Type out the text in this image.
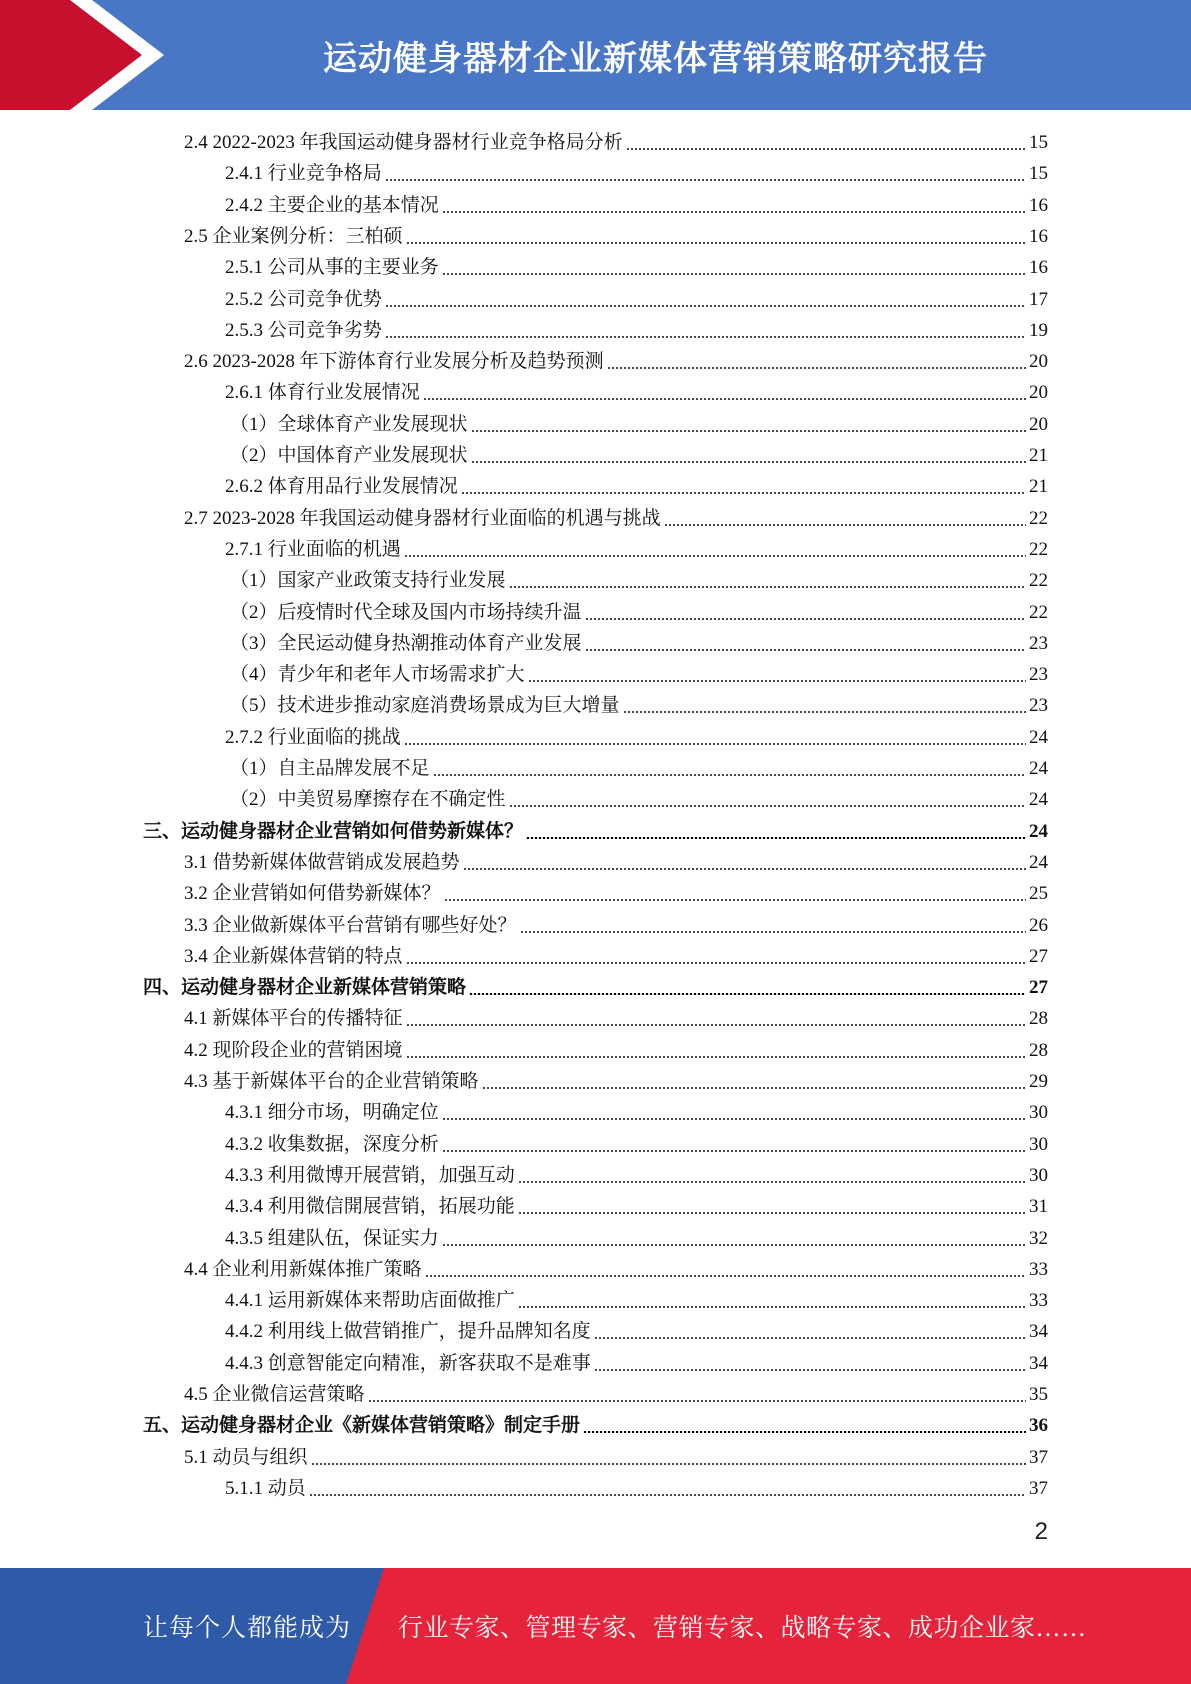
运动健身器材企业新媒体营销策略研究报告
2.4 2022-2023 年我国运动健身器材行业竞争格局分析	15
2.4.1 行业竞争格局	15
2.4.2 主要企业的基本情况	16
2.5 企业案例分析：三柏硕	16
2.5.1 公司从事的主要业务	16
2.5.2 公司竞争优势	17
2.5.3 公司竞争劣势	19
2.6 2023-2028 年下游体育行业发展分析及趋势预测	20
2.6.1 体育行业发展情况	20
（1）全球体育产业发展现状	20
（2）中国体育产业发展现状	21
2.6.2 体育用品行业发展情况	21
2.7 2023-2028 年我国运动健身器材行业面临的机遇与挑战	22
2.7.1 行业面临的机遇	22
（1）国家产业政策支持行业发展	22
（2）后疫情时代全球及国内市场持续升温	22
（3）全民运动健身热潮推动体育产业发展	23
（4）青少年和老年人市场需求扩大	23
（5）技术进步推动家庭消费场景成为巨大增量	23
2.7.2 行业面临的挑战	24
（1）自主品牌发展不足	24
（2）中美贸易摩擦存在不确定性	24
三、运动健身器材企业营销如何借势新媒体？	24
3.1 借势新媒体做营销成发展趋势	24
3.2 企业营销如何借势新媒体？	25
3.3 企业做新媒体平台营销有哪些好处？	26
3.4 企业新媒体营销的特点	27
四、运动健身器材企业新媒体营销策略	27
4.1 新媒体平台的传播特征	28
4.2 现阶段企业的营销困境	28
4.3 基于新媒体平台的企业营销策略	29
4.3.1 细分市场，明确定位	30
4.3.2 收集数据，深度分析	30
4.3.3 利用微博开展营销，加强互动	30
4.3.4 利用微信開展营销，拓展功能	31
4.3.5 组建队伍，保证实力	32
4.4 企业利用新媒体推广策略	33
4.4.1 运用新媒体来帮助店面做推广	33
4.4.2 利用线上做营销推广，提升品牌知名度	34
4.4.3 创意智能定向精准，新客获取不是难事	34
4.5 企业微信运营策略	35
五、运动健身器材企业《新媒体营销策略》制定手册	36
5.1 动员与组织	37
5.1.1 动员	37
2
让每个人都能成为 行业专家、管理专家、营销专家、战略专家、成功企业家……
